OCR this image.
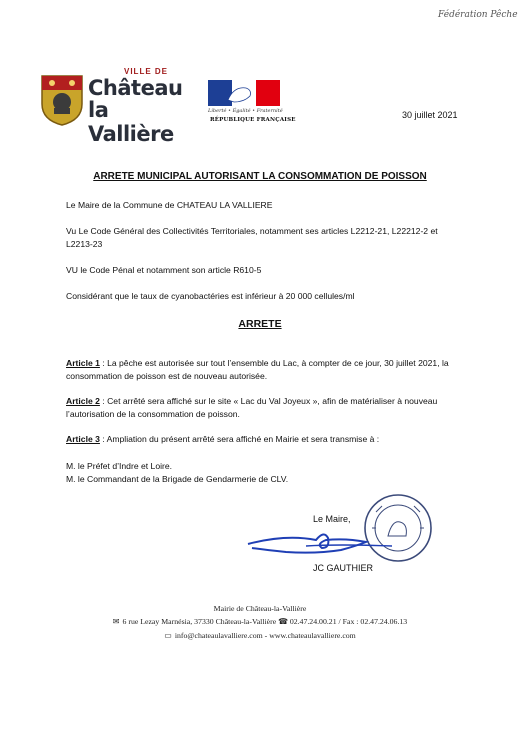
Fédération Pêche
VILLE DE
Château
la Vallière
Liberté • Égalité • Fraternité
RÉPUBLIQUE FRANÇAISE	30 juillet 2021
ARRETE MUNICIPAL AUTORISANT LA CONSOMMATION DE POISSON
Le Maire de la Commune de CHATEAU LA VALLIERE
Vu Le Code Général des Collectivités Territoriales, notamment ses articles L2212-21, L22212-2 et L2213-23
VU le Code Pénal et notamment son article R610-5
Considérant que le taux de cyanobactéries est inférieur à 20 000 cellules/ml
ARRETE
Article 1 : La pêche est autorisée sur tout l’ensemble du Lac, à compter de ce jour, 30 juillet 2021, la consommation de poisson est de nouveau autorisée.
Article 2 : Cet arrêté sera affiché sur le site « Lac du Val Joyeux », afin de matérialiser à nouveau l’autorisation de la consommation de poisson.
Article 3 : Ampliation du présent arrêté sera affiché en Mairie et sera transmise à :
M. le Préfet d’Indre et Loire.
M. le Commandant de la Brigade de Gendarmerie de CLV.
Le Maire,
JC GAUTHIER
Mairie de Château-la-Vallière
✉ 6 rue Lezay Marnésia, 37330 Château-la-Vallière ☎ 02.47.24.00.21 / Fax : 02.47.24.06.13
▭ info@chateaulavalliere.com - www.chateaulavalliere.com
